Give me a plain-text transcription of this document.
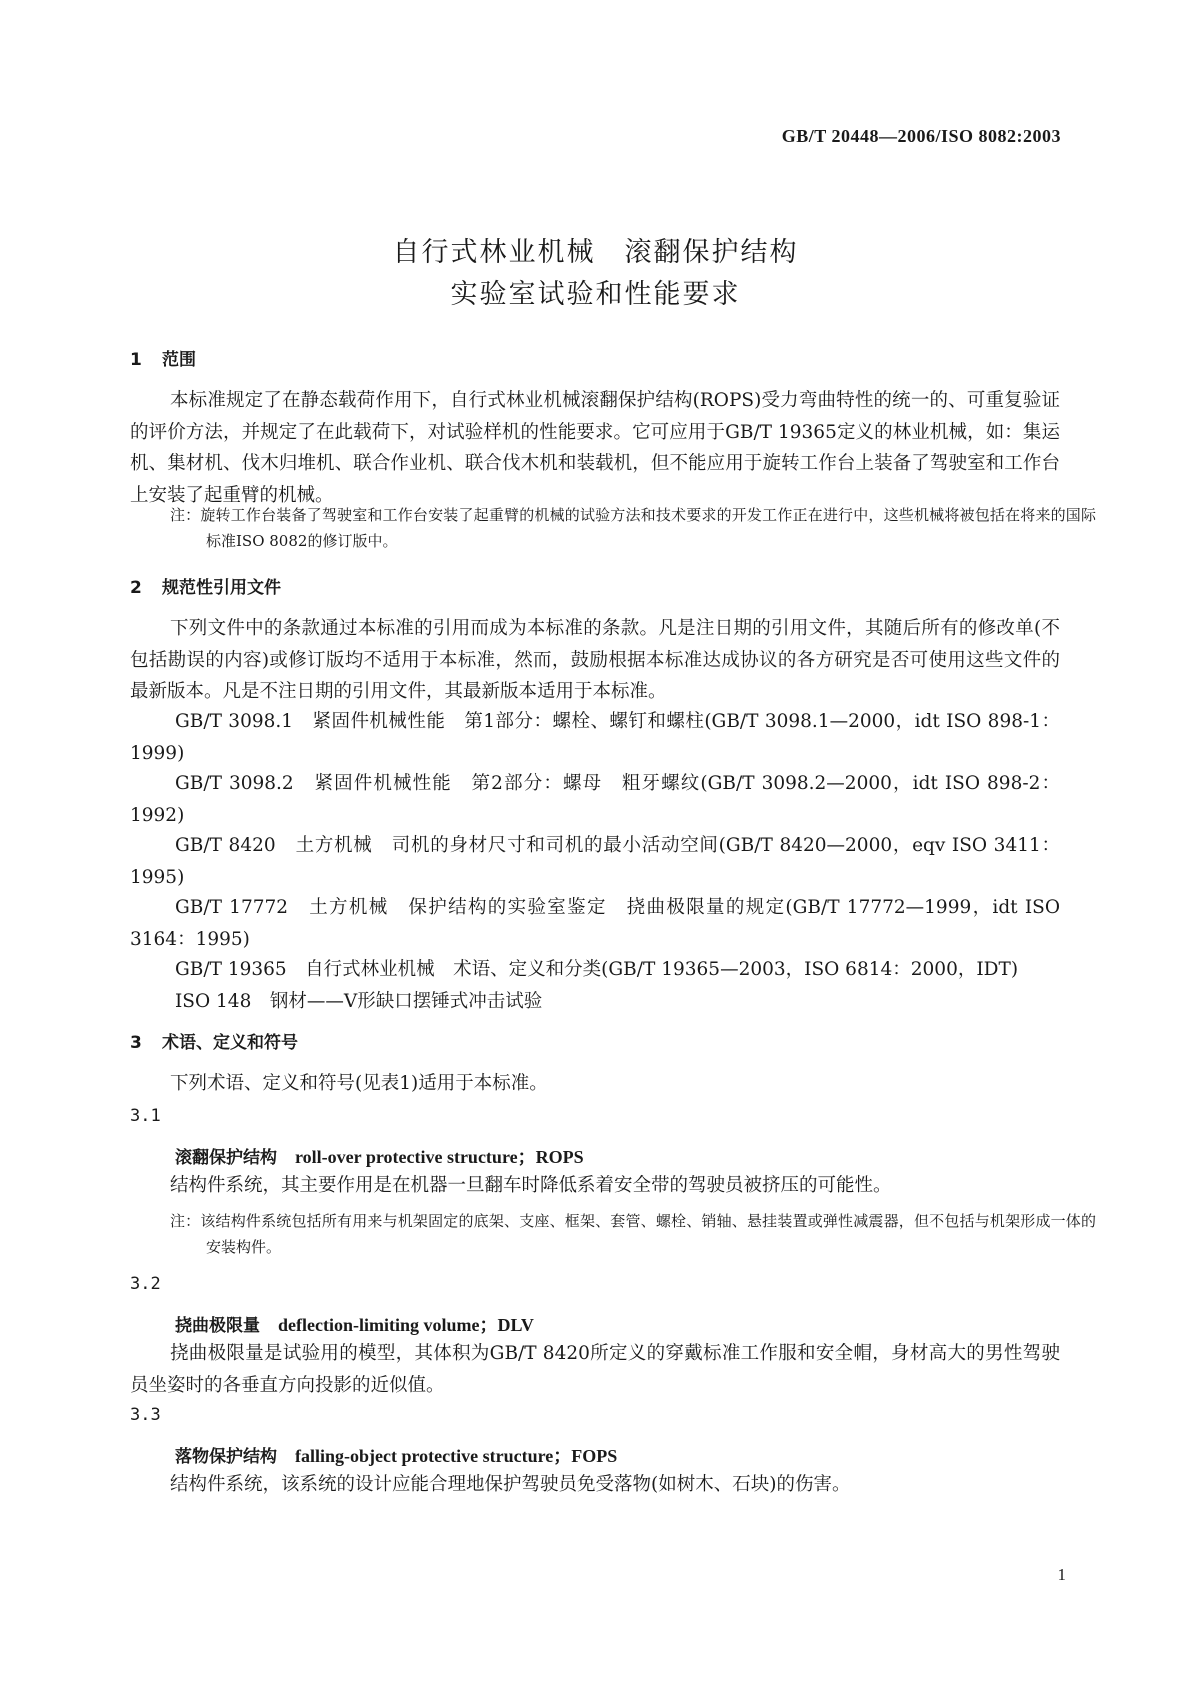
GB/T 20448—2006/ISO 8082:2003
自行式林业机械　滚翻保护结构
实验室试验和性能要求
1 范围
本标准规定了在静态载荷作用下，自行式林业机械滚翻保护结构(ROPS)受力弯曲特性的统一的、可重复验证的评价方法，并规定了在此载荷下，对试验样机的性能要求。它可应用于GB/T 19365定义的林业机械，如：集运机、集材机、伐木归堆机、联合作业机、联合伐木机和装载机，但不能应用于旋转工作台上装备了驾驶室和工作台上安装了起重臂的机械。
注：旋转工作台装备了驾驶室和工作台安装了起重臂的机械的试验方法和技术要求的开发工作正在进行中，这些机械将被包括在将来的国际标准ISO 8082的修订版中。
2 规范性引用文件
下列文件中的条款通过本标准的引用而成为本标准的条款。凡是注日期的引用文件，其随后所有的修改单(不包括勘误的内容)或修订版均不适用于本标准，然而，鼓励根据本标准达成协议的各方研究是否可使用这些文件的最新版本。凡是不注日期的引用文件，其最新版本适用于本标准。
GB/T 3098.1　紧固件机械性能　第1部分：螺栓、螺钉和螺柱(GB/T 3098.1—2000，idt ISO 898-1：1999)
GB/T 3098.2　紧固件机械性能　第2部分：螺母　粗牙螺纹(GB/T 3098.2—2000，idt ISO 898-2：1992)
GB/T 8420　土方机械　司机的身材尺寸和司机的最小活动空间(GB/T 8420—2000，eqv ISO 3411：1995)
GB/T 17772　土方机械　保护结构的实验室鉴定　挠曲极限量的规定(GB/T 17772—1999，idt ISO 3164：1995)
GB/T 19365　自行式林业机械　术语、定义和分类(GB/T 19365—2003，ISO 6814：2000，IDT)
ISO 148　钢材——V形缺口摆锤式冲击试验
3 术语、定义和符号
下列术语、定义和符号(见表1)适用于本标准。
3.1
滚翻保护结构 roll-over protective structure；ROPS
结构件系统，其主要作用是在机器一旦翻车时降低系着安全带的驾驶员被挤压的可能性。
注：该结构件系统包括所有用来与机架固定的底架、支座、框架、套管、螺栓、销轴、悬挂装置或弹性减震器，但不包括与机架形成一体的安装构件。
3.2
挠曲极限量 deflection-limiting volume；DLV
挠曲极限量是试验用的模型，其体积为GB/T 8420所定义的穿戴标准工作服和安全帽，身材高大的男性驾驶员坐姿时的各垂直方向投影的近似值。
3.3
落物保护结构 falling-object protective structure；FOPS
结构件系统，该系统的设计应能合理地保护驾驶员免受落物(如树木、石块)的伤害。
1
